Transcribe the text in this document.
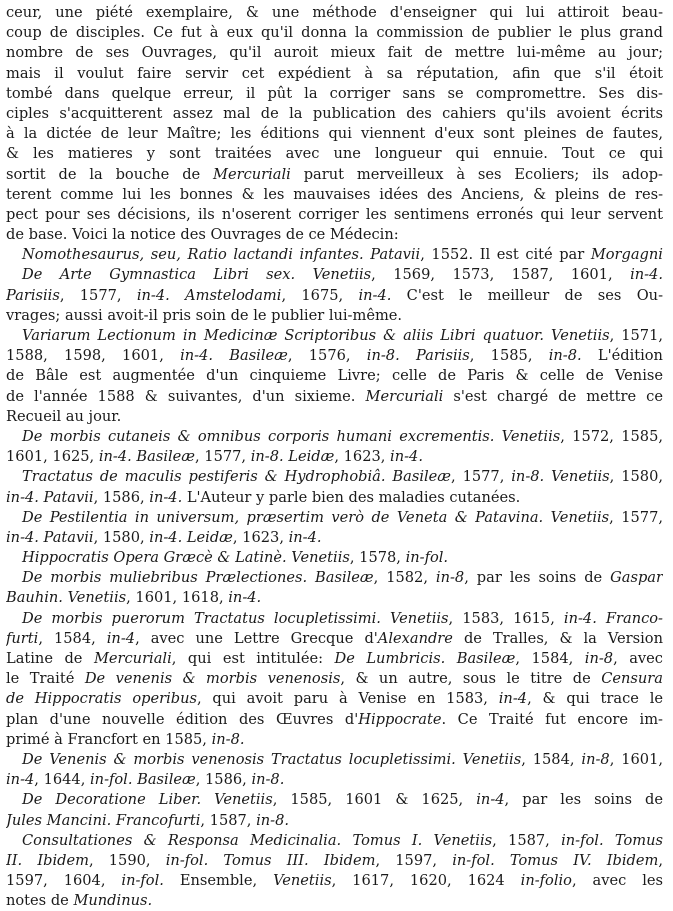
ceur, une piété exemplaire, & une méthode d'enseigner qui lui attiroit beau-
coup de disciples. Ce fut à eux qu'il donna la commission de publier le plus grand
nombre de ses Ouvrages, qu'il auroit mieux fait de mettre lui-même au jour;
mais il voulut faire servir cet expédient à sa réputation, afin que s'il étoit
tombé dans quelque erreur, il pût la corriger sans se compromettre. Ses dis-
ciples s'acquitterent assez mal de la publication des cahiers qu'ils avoient écrits
à la dictée de leur Maître; les éditions qui viennent d'eux sont pleines de fautes,
& les matieres y sont traitées avec une longueur qui ennuie. Tout ce qui
sortit de la bouche de Mercuriali parut merveilleux à ses Ecoliers; ils adop-
terent comme lui les bonnes & les mauvaises idées des Anciens, & pleins de res-
pect pour ses décisions, ils n'oserent corriger les sentimens erronés qui leur servent
de base. Voici la notice des Ouvrages de ce Médecin:
Nomothesaurus, seu, Ratio lactandi infantes. Patavii, 1552. Il est cité par Morgagni
De Arte Gymnastica Libri sex. Venetiis, 1569, 1573, 1587, 1601, in-4.
Parisiis, 1577, in-4. Amstelodami, 1675, in-4. C'est le meilleur de ses Ou-
vrages; aussi avoit-il pris soin de le publier lui-même.
Variarum Lectionum in Medicinæ Scriptoribus & aliis Libri quatuor. Venetiis, 1571,
1588, 1598, 1601, in-4. Basileæ, 1576, in-8. Parisiis, 1585, in-8. L'édition
de Bâle est augmentée d'un cinquieme Livre; celle de Paris & celle de Venise
de l'année 1588 & suivantes, d'un sixieme. Mercuriali s'est chargé de mettre ce
Recueil au jour.
De morbis cutaneis & omnibus corporis humani excrementis. Venetiis, 1572, 1585,
1601, 1625, in-4. Basileæ, 1577, in-8. Leidæ, 1623, in-4.
Tractatus de maculis pestiferis & Hydrophobiâ. Basileæ, 1577, in-8. Venetiis, 1580,
in-4. Patavii, 1586, in-4. L'Auteur y parle bien des maladies cutanées.
De Pestilentia in universum, præsertim verò de Veneta & Patavina. Venetiis, 1577,
in-4. Patavii, 1580, in-4. Leidæ, 1623, in-4.
Hippocratis Opera Græcè & Latinè. Venetiis, 1578, in-fol.
De morbis muliebribus Prælectiones. Basileæ, 1582, in-8, par les soins de Gaspar
Bauhin. Venetiis, 1601, 1618, in-4.
De morbis puerorum Tractatus locupletissimi. Venetiis, 1583, 1615, in-4. Franco-
furti, 1584, in-4, avec une Lettre Grecque d'Alexandre de Tralles, & la Version
Latine de Mercuriali, qui est intitulée: De Lumbricis. Basileæ, 1584, in-8, avec
le Traité De venenis & morbis venenosis, & un autre, sous le titre de Censura
de Hippocratis operibus, qui avoit paru à Venise en 1583, in-4, & qui trace le
plan d'une nouvelle édition des Œuvres d'Hippocrate. Ce Traité fut encore im-
primé à Francfort en 1585, in-8.
De Venenis & morbis venenosis Tractatus locupletissimi. Venetiis, 1584, in-8, 1601,
in-4, 1644, in-fol. Basileæ, 1586, in-8.
De Decoratione Liber. Venetiis, 1585, 1601 & 1625, in-4, par les soins de
Jules Mancini. Francofurti, 1587, in-8.
Consultationes & Responsa Medicinalia. Tomus I. Venetiis, 1587, in-fol. Tomus
II. Ibidem, 1590, in-fol. Tomus III. Ibidem, 1597, in-fol. Tomus IV. Ibidem,
1597, 1604, in-fol. Ensemble, Venetiis, 1617, 1620, 1624 in-folio, avec les
notes de Mundinus.
